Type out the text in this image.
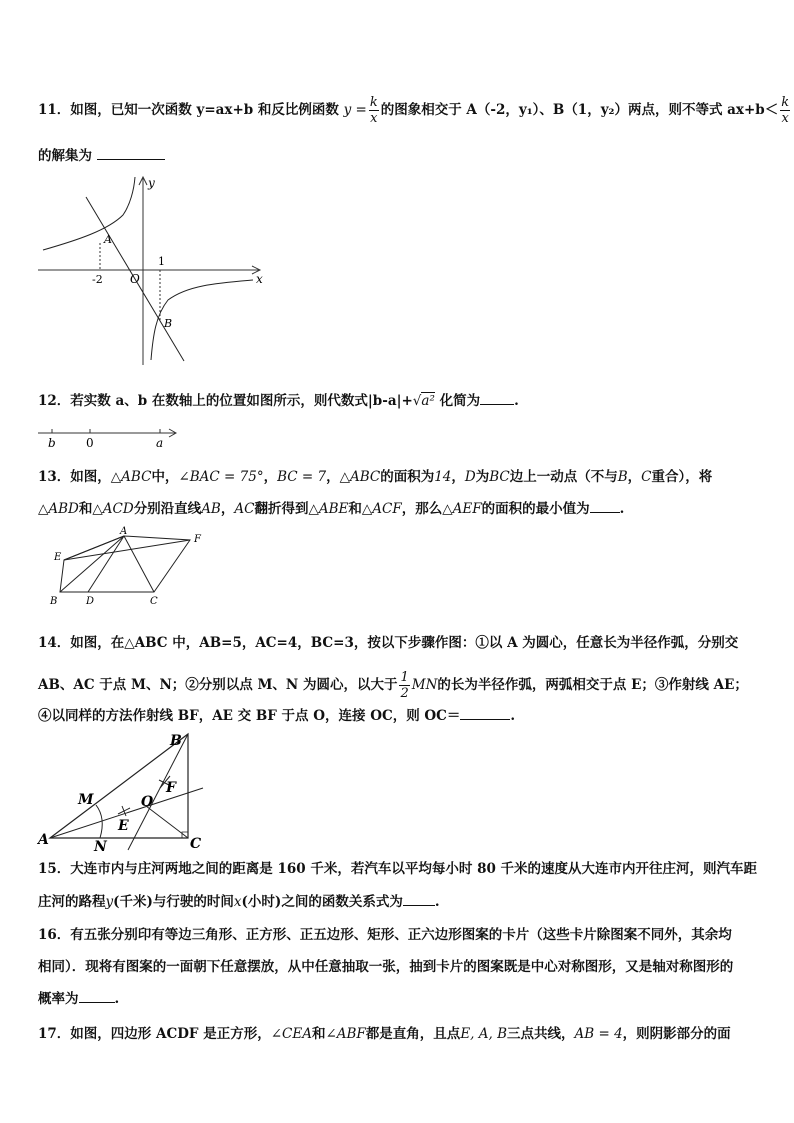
11．如图，已知一次函数 y=ax+b 和反比例函数 $y = \frac{k}{x}$ 的图象相交于 A（-2，y₁）、B（1，y₂）两点，则不等式 $ax+b< \frac{k}{x}$
的解集为
y
x
O
-2
1
A
B
12．若实数 a、b 在数轴上的位置如图所示，则代数式|b-a|+√a² 化简为	.
b	0	a
13．如图，△ABC中，∠BAC = 75°，BC = 7，△ABC的面积为14，D为BC边上一动点（不与B，C重合），将
△ABD和△ACD分别沿直线AB，AC翻折得到△ABE和△ACF，那么△AEF的面积的最小值为 .
A
E
F
B	D	C
14．如图，在△ABC 中，AB=5，AC=4，BC=3，按以下步骤作图：①以 A 为圆心，任意长为半径作弧，分别交
AB、AC 于点 M、N；②分别以点 M、N 为圆心，以大于 $\frac{1}{2}$ MN的长为半径作弧，两弧相交于点 E；③作射线 AE；
④以同样的方法作射线 BF，AE 交 BF 于点 O，连接 OC，则 OC＝	.
B
M	O
F
E
A	N	C
15．大连市内与庄河两地之间的距离是 160 千米，若汽车以平均每小时 80 千米的速度从大连市内开往庄河，则汽车距
庄河的路程y(千米)与行驶的时间x(小时)之间的函数关系式为 .
16．有五张分别印有等边三角形、正方形、正五边形、矩形、正六边形图案的卡片（这些卡片除图案不同外，其余均
相同）．现将有图案的一面朝下任意摆放，从中任意抽取一张，抽到卡片的图案既是中心对称图形，又是轴对称图形的
概率为	.
17．如图，四边形 ACDF 是正方形，∠CEA和∠ABF都是直角，且点E, A, B三点共线，AB = 4，则阴影部分的面
